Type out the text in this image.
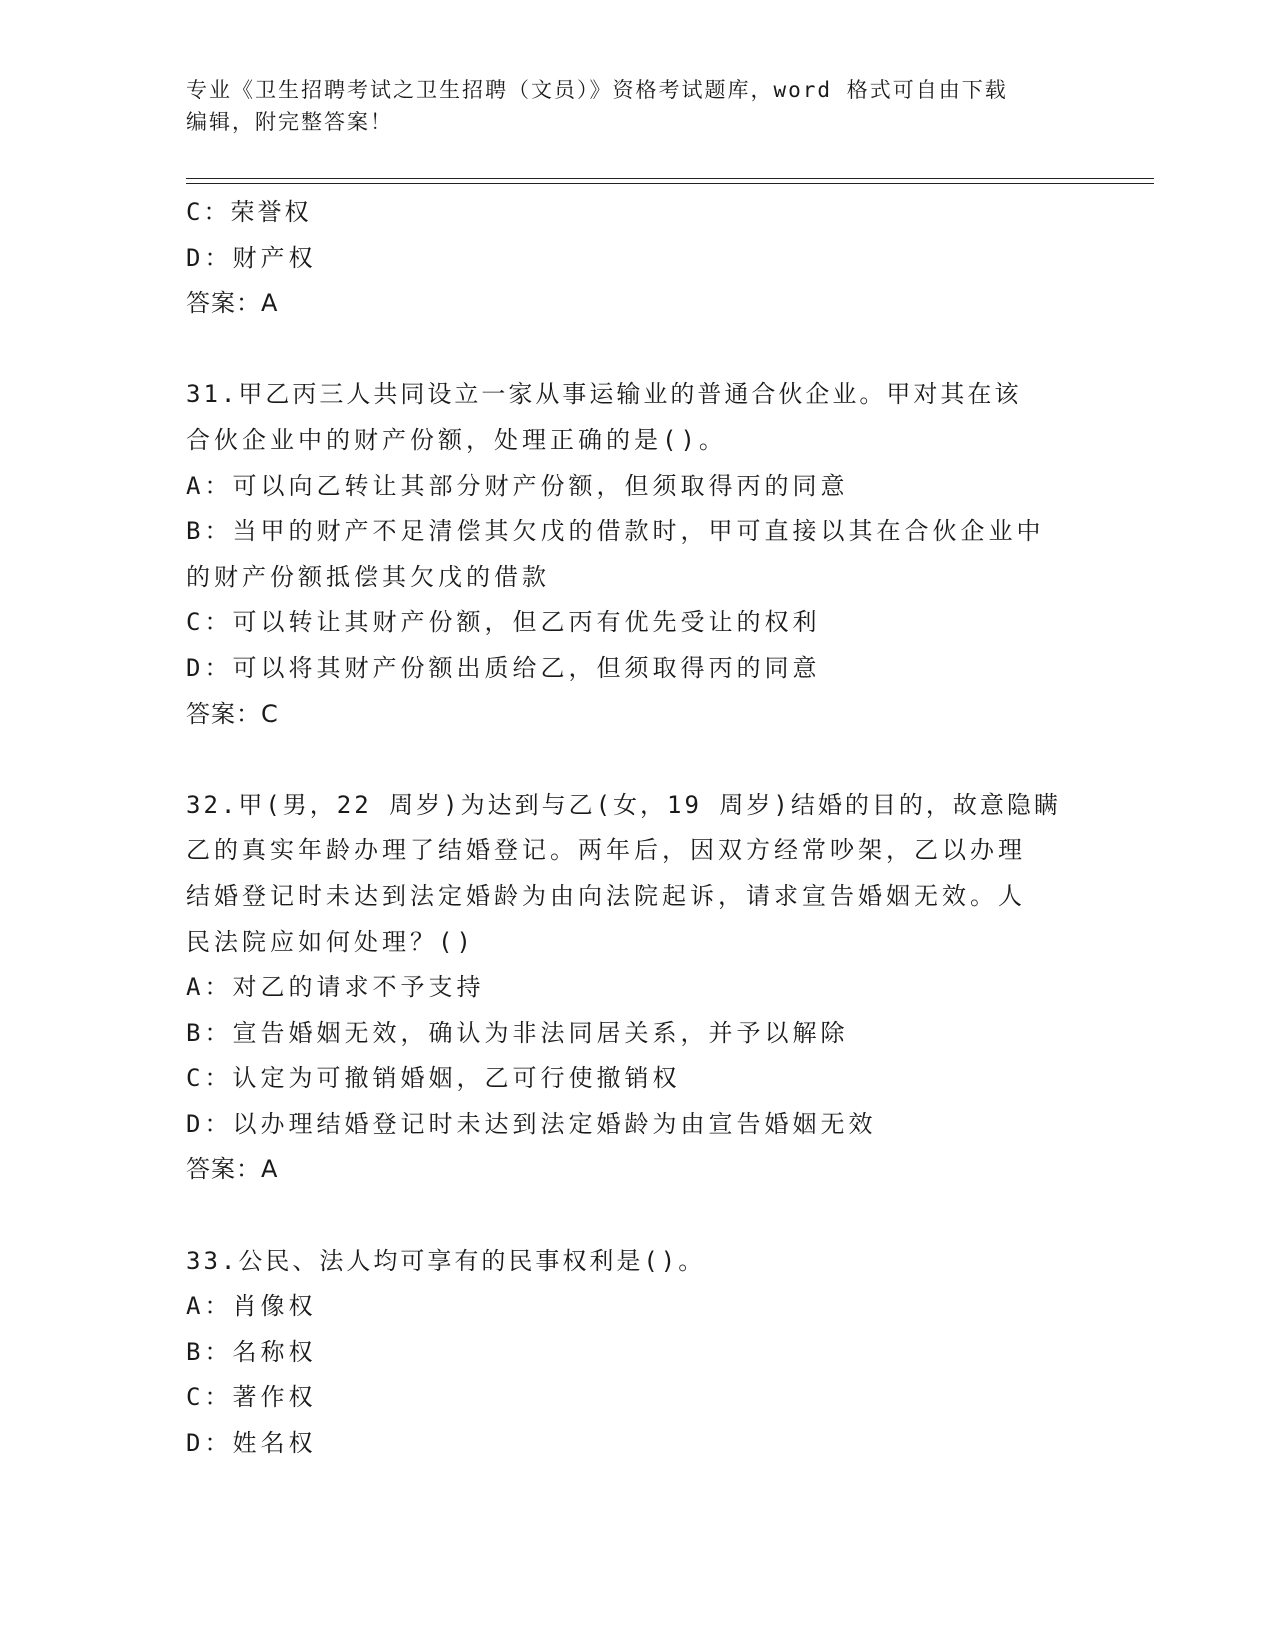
专业《卫生招聘考试之卫生招聘（文员）》资格考试题库，word 格式可自由下载
编辑，附完整答案！
C：荣誉权
D：财产权
答案：A
31.甲乙丙三人共同设立一家从事运输业的普通合伙企业。甲对其在该
合伙企业中的财产份额，处理正确的是()。
A：可以向乙转让其部分财产份额，但须取得丙的同意
B：当甲的财产不足清偿其欠戊的借款时，甲可直接以其在合伙企业中
的财产份额抵偿其欠戊的借款
C：可以转让其财产份额，但乙丙有优先受让的权利
D：可以将其财产份额出质给乙，但须取得丙的同意
答案：C
32.甲(男，22 周岁)为达到与乙(女，19 周岁)结婚的目的，故意隐瞒
乙的真实年龄办理了结婚登记。两年后，因双方经常吵架，乙以办理
结婚登记时未达到法定婚龄为由向法院起诉，请求宣告婚姻无效。人
民法院应如何处理？()
A：对乙的请求不予支持
B：宣告婚姻无效，确认为非法同居关系，并予以解除
C：认定为可撤销婚姻，乙可行使撤销权
D：以办理结婚登记时未达到法定婚龄为由宣告婚姻无效
答案：A
33.公民、法人均可享有的民事权利是()。
A：肖像权
B：名称权
C：著作权
D：姓名权
